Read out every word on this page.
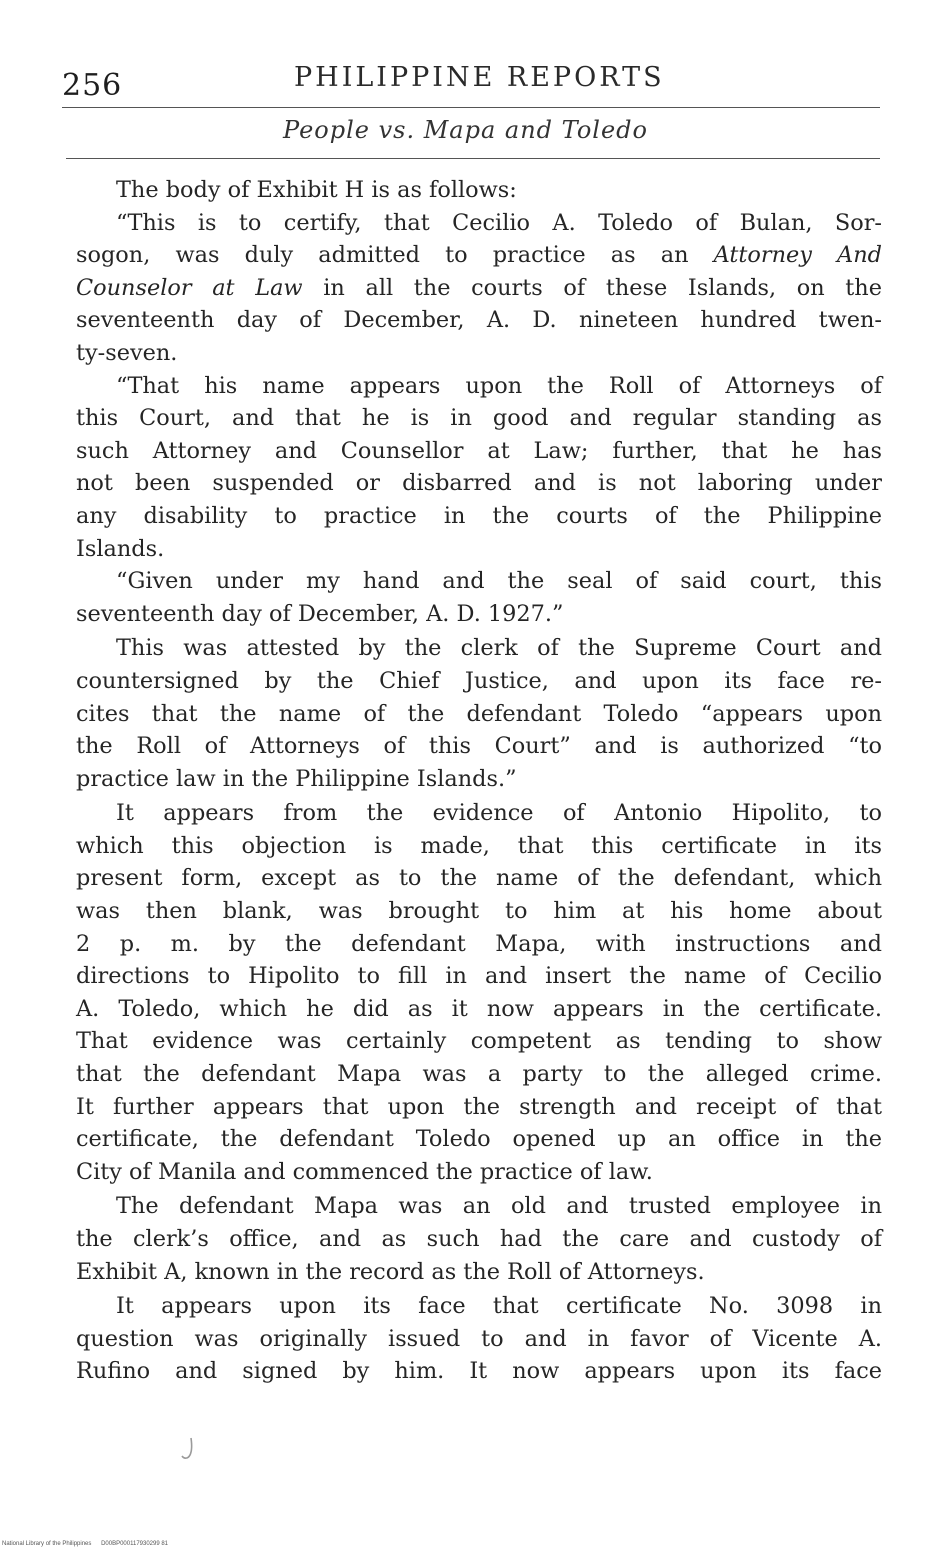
256	PHILIPPINE REPORTS
People vs. Mapa and Toledo
The body of Exhibit H is as follows:
“This is to certify, that Cecilio A. Toledo of Bulan, Sor-
sogon, was duly admitted to practice as an Attorney And
Counselor at Law in all the courts of these Islands, on the
seventeenth day of December, A. D. nineteen hundred twen-
ty-seven.
“That his name appears upon the Roll of Attorneys of
this Court, and that he is in good and regular standing as
such Attorney and Counsellor at Law; further, that he has
not been suspended or disbarred and is not laboring under
any disability to practice in the courts of the Philippine
Islands.
“Given under my hand and the seal of said court, this
seventeenth day of December, A. D. 1927.”
This was attested by the clerk of the Supreme Court and
countersigned by the Chief Justice, and upon its face re-
cites that the name of the defendant Toledo “appears upon
the Roll of Attorneys of this Court” and is authorized “to
practice law in the Philippine Islands.”
It appears from the evidence of Antonio Hipolito, to
which this objection is made, that this certificate in its
present form, except as to the name of the defendant, which
was then blank, was brought to him at his home about
2 p. m. by the defendant Mapa, with instructions and
directions to Hipolito to fill in and insert the name of Cecilio
A. Toledo, which he did as it now appears in the certificate.
That evidence was certainly competent as tending to show
that the defendant Mapa was a party to the alleged crime.
It further appears that upon the strength and receipt of that
certificate, the defendant Toledo opened up an office in the
City of Manila and commenced the practice of law.
The defendant Mapa was an old and trusted employee in
the clerk’s office, and as such had the care and custody of
Exhibit A, known in the record as the Roll of Attorneys.
It appears upon its face that certificate No. 3098 in
question was originally issued to and in favor of Vicente A.
Rufino and signed by him. It now appears upon its face
National Library of the Philippines D00BP000117930299 81
